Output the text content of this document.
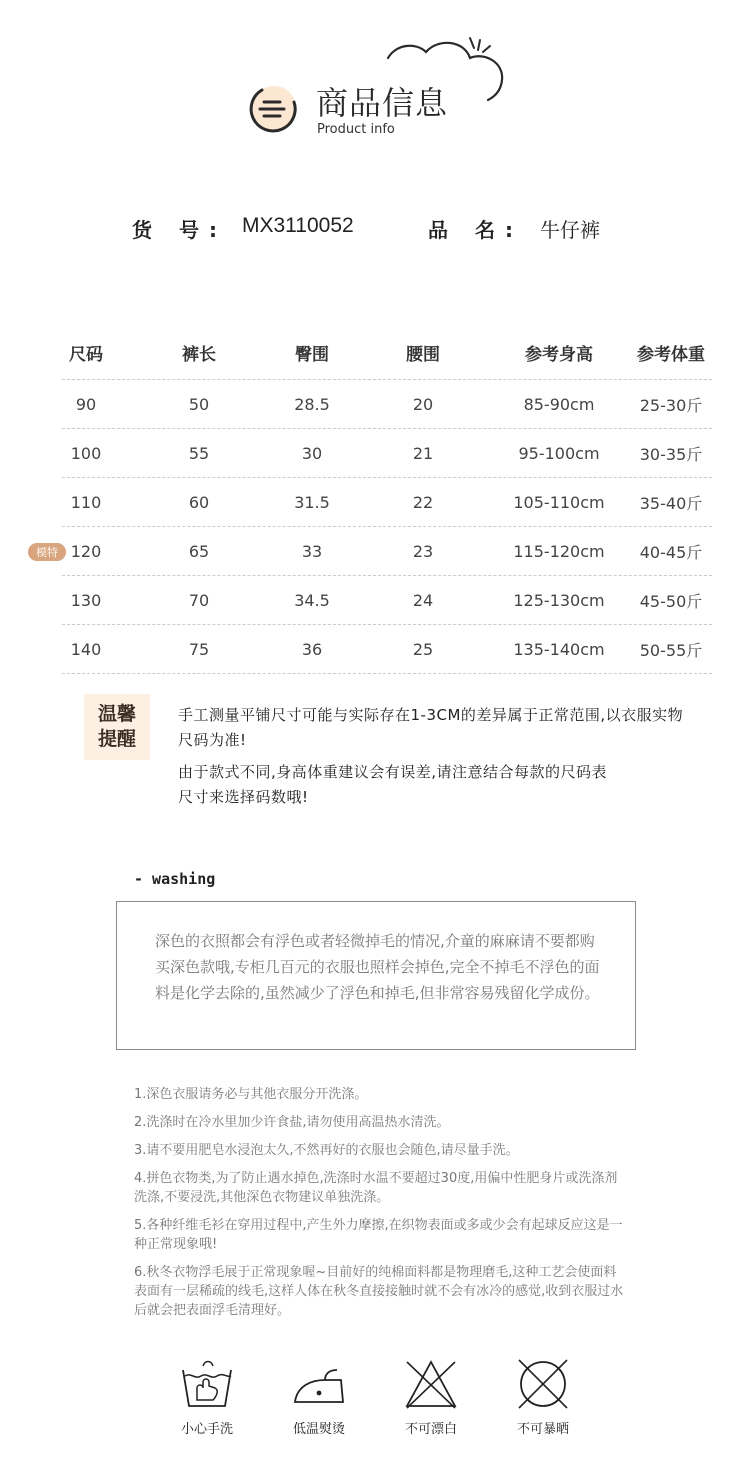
商品信息
Product info
货 号: MX3110052	品 名: 牛仔裤
尺码	裤长	臀围	腰围	参考身高	参考体重
90	50	28.5	20	85-90cm	25-30斤
100	55	30	21	95-100cm	30-35斤
110	60	31.5	22	105-110cm	35-40斤
模特 120	65	33	23	115-120cm	40-45斤
130	70	34.5	24	125-130cm	45-50斤
140	75	36	25	135-140cm	50-55斤
温馨
提醒
手工测量平铺尺寸可能与实际存在1-3CM的差异属于正常范围,以衣服实物尺码为准!
由于款式不同,身高体重建议会有误差,请注意结合每款的尺码表尺寸来选择码数哦!
- washing
深色的衣照都会有浮色或者轻微掉毛的情况,介童的麻麻请不要都购买深色款哦,专柜几百元的衣服也照样会掉色,完全不掉毛不浮色的面料是化学去除的,虽然减少了浮色和掉毛,但非常容易残留化学成份。
1.深色衣服请务必与其他衣服分开洗涤。
2.洗涤时在冷水里加少许食盐,请勿使用高温热水清洗。
3.请不要用肥皂水浸泡太久,不然再好的衣服也会随色,请尽量手洗。
4.拼色衣物类,为了防止遇水掉色,洗涤时水温不要超过30度,用偏中性肥身片或洗涤剂洗涤,不要浸洗,其他深色衣物建议单独洗涤。
5.各种纤维毛衫在穿用过程中,产生外力摩擦,在织物表面或多或少会有起球反应这是一种正常现象哦!
6.秋冬衣物浮毛展于正常现象喔~目前好的纯棉面料都是物理磨毛,这种工艺会使面料表面有一层稀疏的线毛,这样人体在秋冬直接接触时就不会有冰冷的感觉,收到衣服过水后就会把表面浮毛清理好。
小心手洗	低温熨烫	不可漂白	不可暴晒
